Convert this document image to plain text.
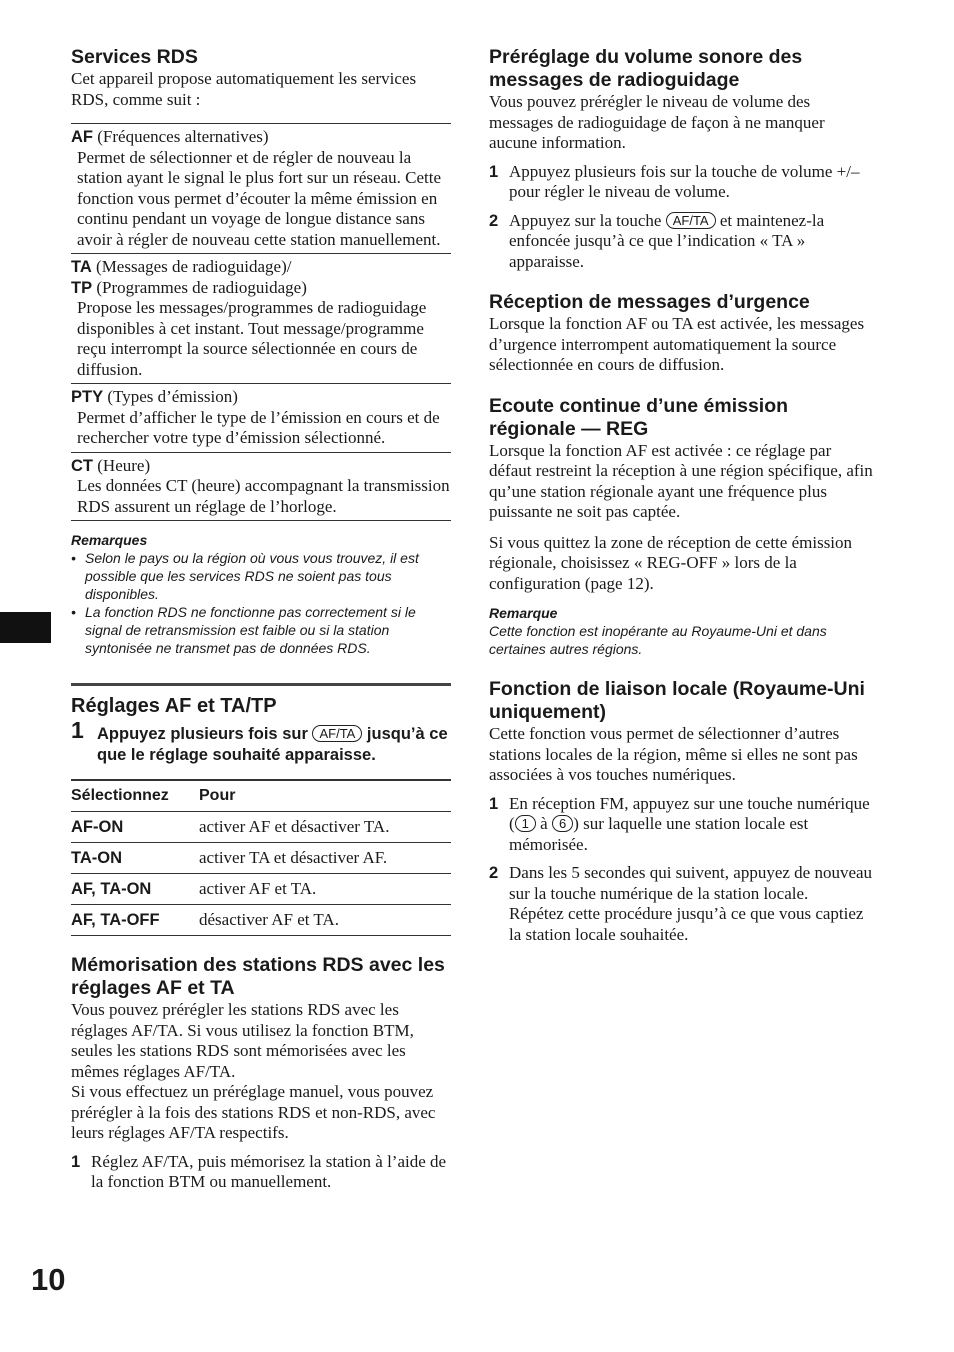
Services RDS

Cet appareil propose automatiquement les services RDS, comme suit :

AF (Fréquences alternatives)
Permet de sélectionner et de régler de nouveau la station ayant le signal le plus fort sur un réseau. Cette fonction vous permet d’écouter la même émission en continu pendant un voyage de longue distance sans avoir à régler de nouveau cette station manuellement.
TA (Messages de radioguidage)/
TP (Programmes de radioguidage)
Propose les messages/programmes de radioguidage disponibles à cet instant. Tout message/programme reçu interrompt la source sélectionnée en cours de diffusion.
PTY (Types d’émission)
Permet d’afficher le type de l’émission en cours et de rechercher votre type d’émission sélectionné.
CT (Heure)
Les données CT (heure) accompagnant la transmission RDS assurent un réglage de l’horloge.
Remarques
• Selon le pays ou la région où vous vous trouvez, il est possible que les services RDS ne soient pas tous disponibles.
• La fonction RDS ne fonctionne pas correctement si le signal de retransmission est faible ou si la station syntonisée ne transmet pas de données RDS.
Réglages AF et TA/TP
1 Appuyez plusieurs fois sur AF/TA jusqu’à ce que le réglage souhaité apparaisse.
Sélectionnez	Pour
AF-ON	activer AF et désactiver TA.
TA-ON	activer TA et désactiver AF.
AF, TA-ON	activer AF et TA.
AF, TA-OFF	désactiver AF et TA.
Mémorisation des stations RDS avec les réglages AF et TA

Vous pouvez prérégler les stations RDS avec les réglages AF/TA. Si vous utilisez la fonction BTM, seules les stations RDS sont mémorisées avec les mêmes réglages AF/TA.

Si vous effectuez un préréglage manuel, vous pouvez prérégler à la fois des stations RDS et non-RDS, avec leurs réglages AF/TA respectifs.

1 Réglez AF/TA, puis mémorisez la station à l’aide de la fonction BTM ou manuellement.
Préréglage du volume sonore des messages de radioguidage

Vous pouvez prérégler le niveau de volume des messages de radioguidage de façon à ne manquer aucune information.

1 Appuyez plusieurs fois sur la touche de volume +/– pour régler le niveau de volume.
2 Appuyez sur la touche AF/TA et maintenez-la enfoncée jusqu’à ce que l’indication « TA » apparaisse.
Réception de messages d’urgence

Lorsque la fonction AF ou TA est activée, les messages d’urgence interrompent automatiquement la source sélectionnée en cours de diffusion.

Ecoute continue d’une émission régionale — REG

Lorsque la fonction AF est activée : ce réglage par défaut restreint la réception à une région spécifique, afin qu’une station régionale ayant une fréquence plus puissante ne soit pas captée.

Si vous quittez la zone de réception de cette émission régionale, choisissez « REG-OFF » lors de la configuration (page 12).

Remarque
Cette fonction est inopérante au Royaume-Uni et dans certaines autres régions.
Fonction de liaison locale (Royaume-Uni uniquement)

Cette fonction vous permet de sélectionner d’autres stations locales de la région, même si elles ne sont pas associées à vos touches numériques.

1 En réception FM, appuyez sur une touche numérique ( 1 à 6 ) sur laquelle une station locale est mémorisée.
2 Dans les 5 secondes qui suivent, appuyez de nouveau sur la touche numérique de la station locale.
Répétez cette procédure jusqu’à ce que vous captiez la station locale souhaitée.
10
